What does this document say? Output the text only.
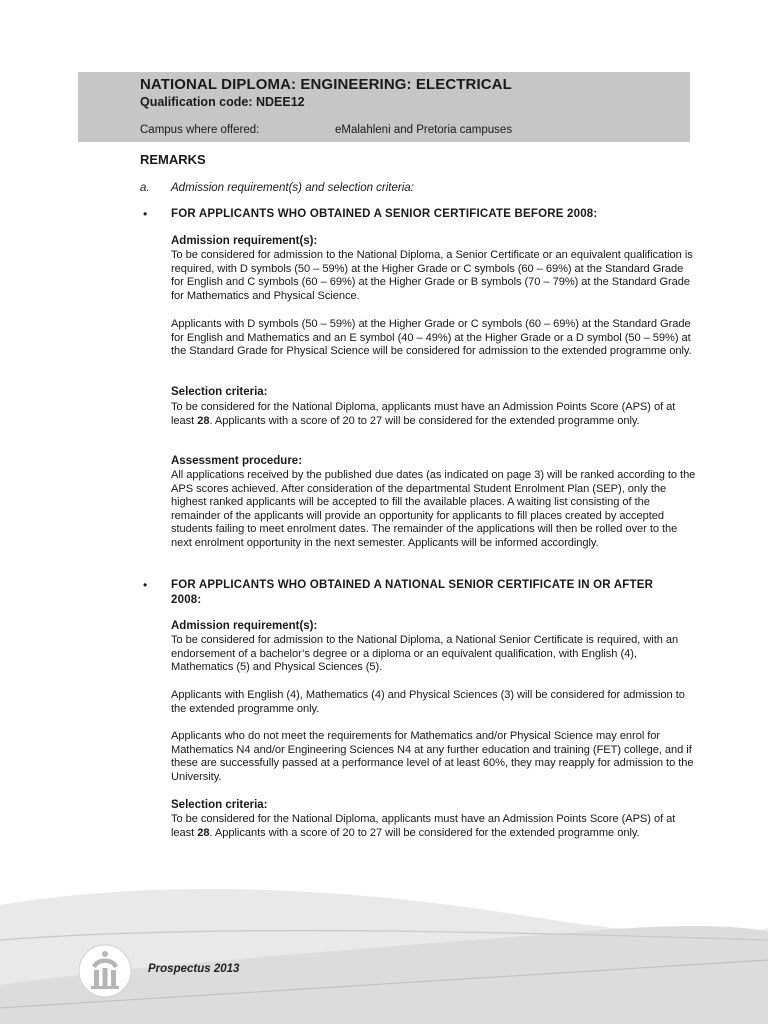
NATIONAL DIPLOMA: ENGINEERING: ELECTRICAL
Qualification code: NDEE12
Campus where offered:	eMalahleni and Pretoria campuses
REMARKS
a. Admission requirement(s) and selection criteria:
• FOR APPLICANTS WHO OBTAINED A SENIOR CERTIFICATE BEFORE 2008:
Admission requirement(s):

To be considered for admission to the National Diploma, a Senior Certificate or an equivalent qualification is required, with D symbols (50 – 59%) at the Higher Grade or C symbols (60 – 69%) at the Standard Grade for English and C symbols (60 – 69%) at the Higher Grade or B symbols (70 – 79%) at the Standard Grade for Mathematics and Physical Science.

Applicants with D symbols (50 – 59%) at the Higher Grade or C symbols (60 – 69%) at the Standard Grade for English and Mathematics and an E symbol (40 – 49%) at the Higher Grade or a D symbol (50 – 59%) at the Standard Grade for Physical Science will be considered for admission to the extended programme only.

Selection criteria:

To be considered for the National Diploma, applicants must have an Admission Points Score (APS) of at least 28. Applicants with a score of 20 to 27 will be considered for the extended programme only.

Assessment procedure:

All applications received by the published due dates (as indicated on page 3) will be ranked according to the APS scores achieved. After consideration of the departmental Student Enrolment Plan (SEP), only the highest ranked applicants will be accepted to fill the available places. A waiting list consisting of the remainder of the applicants will provide an opportunity for applicants to fill places created by accepted students failing to meet enrolment dates. The remainder of the applications will then be rolled over to the next enrolment opportunity in the next semester. Applicants will be informed accordingly.

• FOR APPLICANTS WHO OBTAINED A NATIONAL SENIOR CERTIFICATE IN OR AFTER 2008:
Admission requirement(s):

To be considered for admission to the National Diploma, a National Senior Certificate is required, with an endorsement of a bachelor’s degree or a diploma or an equivalent qualification, with English (4), Mathematics (5) and Physical Sciences (5).

Applicants with English (4), Mathematics (4) and Physical Sciences (3) will be considered for admission to the extended programme only.

Applicants who do not meet the requirements for Mathematics and/or Physical Science may enrol for Mathematics N4 and/or Engineering Sciences N4 at any further education and training (FET) college, and if these are successfully passed at a performance level of at least 60%, they may reapply for admission to the University.

Selection criteria:

To be considered for the National Diploma, applicants must have an Admission Points Score (APS) of at least 28. Applicants with a score of 20 to 27 will be considered for the extended programme only.

Prospectus 2013
